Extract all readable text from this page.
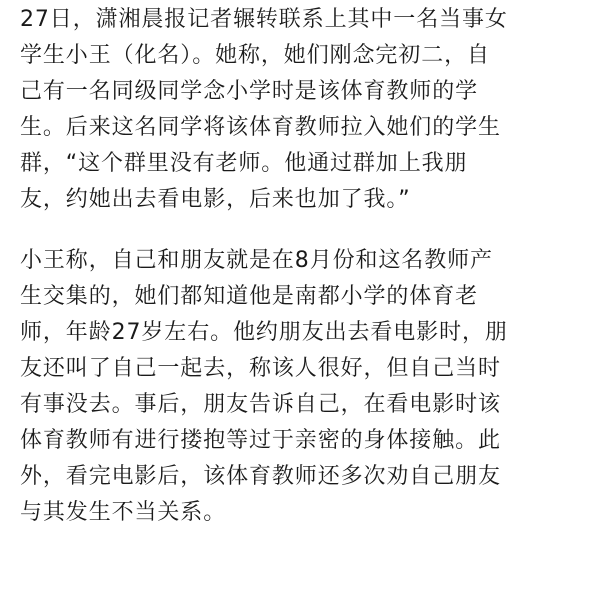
27日，潇湘晨报记者辗转联系上其中一名当事女
学生小王（化名）。她称，她们刚念完初二，自
己有一名同级同学念小学时是该体育教师的学
生。后来这名同学将该体育教师拉入她们的学生
群，“这个群里没有老师。他通过群加上我朋
友，约她出去看电影，后来也加了我。”
小王称，自己和朋友就是在8月份和这名教师产
生交集的，她们都知道他是南都小学的体育老
师，年龄27岁左右。他约朋友出去看电影时，朋
友还叫了自己一起去，称该人很好，但自己当时
有事没去。事后，朋友告诉自己，在看电影时该
体育教师有进行搂抱等过于亲密的身体接触。此
外，看完电影后，该体育教师还多次劝自己朋友
与其发生不当关系。
